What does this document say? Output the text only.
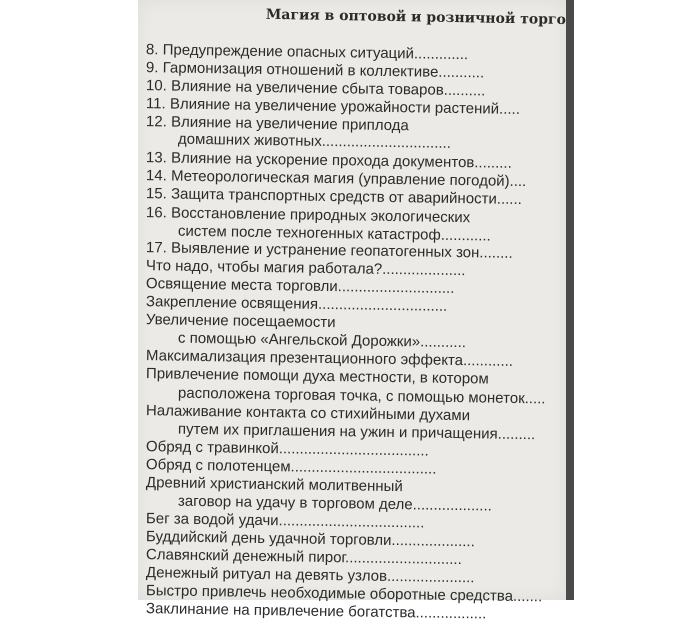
Магия в оптовой и розничной торго
8. Предупреждение опасных ситуаций.............
9. Гармонизация отношений в коллективе...........
10. Влияние на увеличение сбыта товаров..........
11. Влияние на увеличение урожайности растений.....
12. Влияние на увеличение приплода
домашних животных...............................
13. Влияние на ускорение прохода документов.........
14. Метеорологическая магия (управление погодой)....
15. Защита транспортных средств от аварийности......
16. Восстановление природных экологических
систем после техногенных катастроф............
17. Выявление и устранение геопатогенных зон........
Что надо, чтобы магия работала?....................
Освящение места торговли............................
Закрепление освящения...............................
Увеличение посещаемости
с помощью «Ангельской Дорожки»...........
Максимализация презентационного эффекта............
Привлечение помощи духа местности, в котором
расположена торговая точка, с помощью монеток.....
Налаживание контакта со стихийными духами
путем их приглашения на ужин и причащения.........
Обряд с травинкой....................................
Обряд с полотенцем...................................
Древний христианский молитвенный
заговор на удачу в торговом деле...................
Бег за водой удачи...................................
Буддийский день удачной торговли....................
Славянский денежный пирог............................
Денежный ритуал на девять узлов.....................
Быстро привлечь необходимые оборотные средства.......
Заклинание на привлечение богатства.................
